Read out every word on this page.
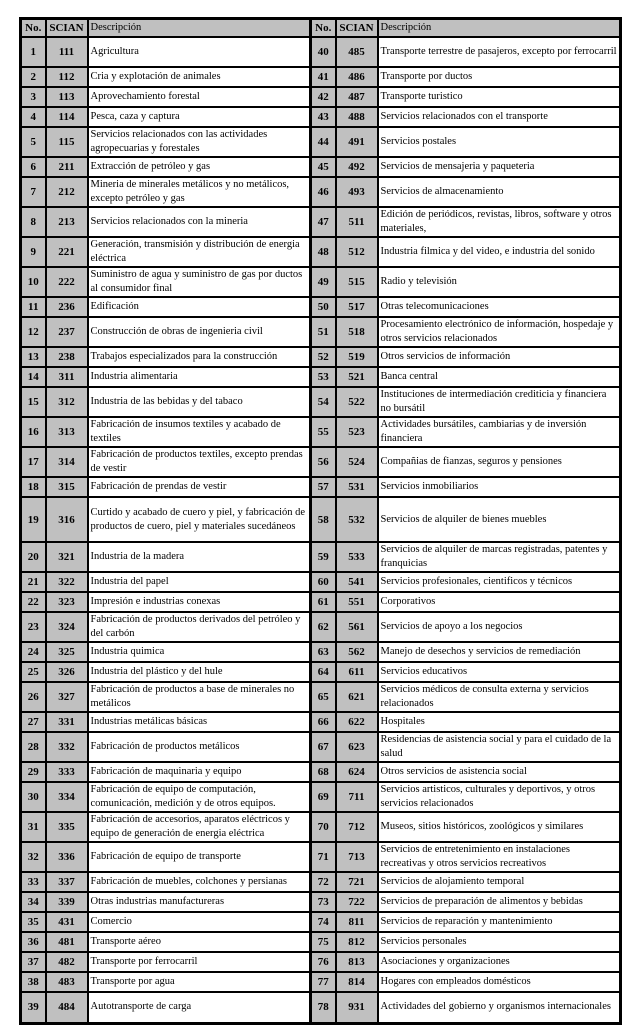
No.	SCIAN	Descripción	No.	SCIAN	Descripción
1	111	Agricultura	40	485	Transporte terrestre de pasajeros, excepto por ferrocarril
2	112	Cria y explotación de animales	41	486	Transporte por ductos
3	113	Aprovechamiento forestal	42	487	Transporte turistico
4	114	Pesca, caza y captura	43	488	Servicios relacionados con el transporte
5	115	Servicios relacionados con las actividades agropecuarias y forestales	44	491	Servicios postales
6	211	Extracción de petróleo y gas	45	492	Servicios de mensajeria y paqueteria
7	212	Mineria de minerales metálicos y no metálicos, excepto petróleo y gas	46	493	Servicios de almacenamiento
8	213	Servicios relacionados con la mineria	47	511	Edición de periódicos, revistas, libros, software y otros materiales,
9	221	Generación, transmisión y distribución de energia eléctrica	48	512	Industria filmica y del video, e industria del sonido
10	222	Suministro de agua y suministro de gas por ductos al consumidor final	49	515	Radio y televisión
11	236	Edificación	50	517	Otras telecomunicaciones
12	237	Construcción de obras de ingenieria civil	51	518	Procesamiento electrónico de información, hospedaje y otros servicios relacionados
13	238	Trabajos especializados para la construcción	52	519	Otros servicios de información
14	311	Industria alimentaria	53	521	Banca central
15	312	Industria de las bebidas y del tabaco	54	522	Instituciones de intermediación crediticia y financiera no bursátil
16	313	Fabricación de insumos textiles y acabado de textiles	55	523	Actividades bursátiles, cambiarias y de inversión financiera
17	314	Fabricación de productos textiles, excepto prendas de vestir	56	524	Compañias de fianzas, seguros y pensiones
18	315	Fabricación de prendas de vestir	57	531	Servicios inmobiliarios
19	316	Curtido y acabado de cuero y piel, y fabricación de productos de cuero, piel y materiales sucedáneos	58	532	Servicios de alquiler de bienes muebles
20	321	Industria de la madera	59	533	Servicios de alquiler de marcas registradas, patentes y franquicias
21	322	Industria del papel	60	541	Servicios profesionales, cientificos y técnicos
22	323	Impresión e industrias conexas	61	551	Corporativos
23	324	Fabricación de productos derivados del petróleo y del carbón	62	561	Servicios de apoyo a los negocios
24	325	Industria quimica	63	562	Manejo de desechos y servicios de remediación
25	326	Industria del plástico y del hule	64	611	Servicios educativos
26	327	Fabricación de productos a base de minerales no metálicos	65	621	Servicios médicos de consulta externa y servicios relacionados
27	331	Industrias metálicas básicas	66	622	Hospitales
28	332	Fabricación de productos metálicos	67	623	Residencias de asistencia social y para el cuidado de la salud
29	333	Fabricación de maquinaria y equipo	68	624	Otros servicios de asistencia social
30	334	Fabricación de equipo de computación, comunicación, medición y de otros equipos.	69	711	Servicios artisticos, culturales y deportivos, y otros servicios relacionados
31	335	Fabricación de accesorios, aparatos eléctricos y equipo de generación de energia eléctrica	70	712	Museos, sitios históricos, zoológicos y similares
32	336	Fabricación de equipo de transporte	71	713	Servicios de entretenimiento en instalaciones recreativas y otros servicios recreativos
33	337	Fabricación de muebles, colchones y persianas	72	721	Servicios de alojamiento temporal
34	339	Otras industrias manufactureras	73	722	Servicios de preparación de alimentos y bebidas
35	431	Comercio	74	811	Servicios de reparación y mantenimiento
36	481	Transporte aéreo	75	812	Servicios personales
37	482	Transporte por ferrocarril	76	813	Asociaciones y organizaciones
38	483	Transporte por agua	77	814	Hogares con empleados domésticos
39	484	Autotransporte de carga	78	931	Actividades del gobierno y organismos internacionales
